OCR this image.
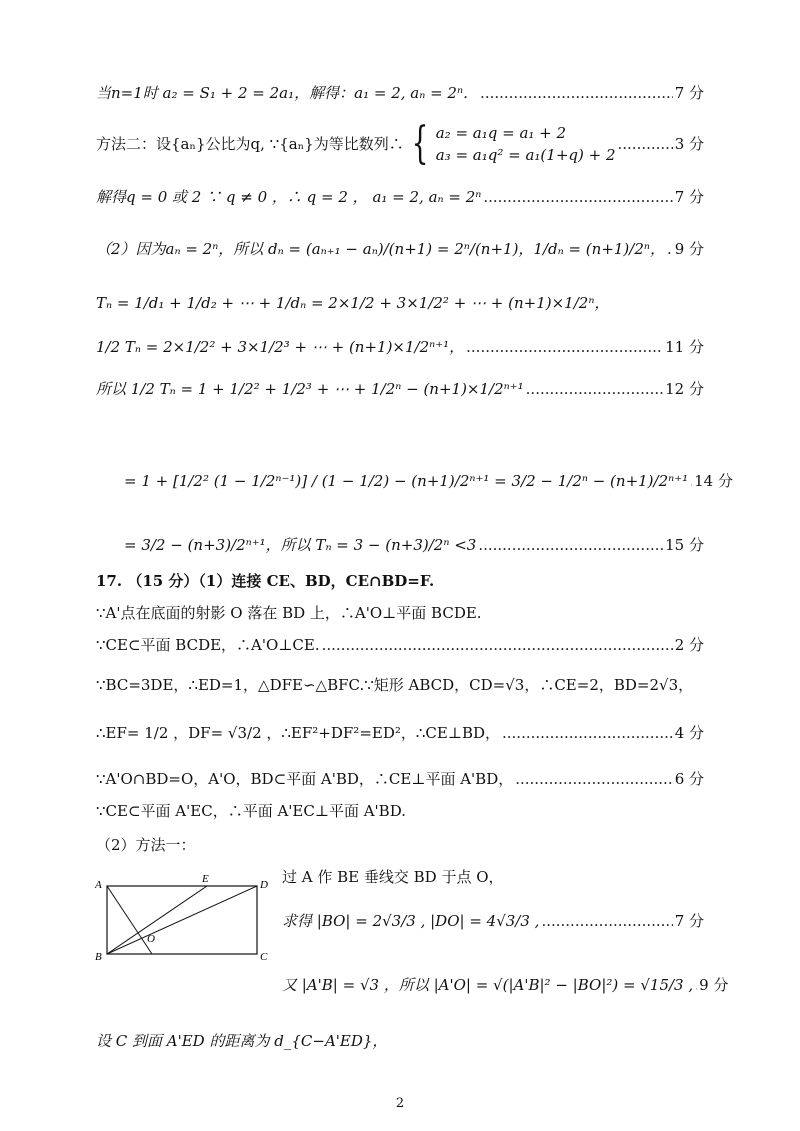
当n=1时 a₂ = S₁ + 2 = 2a₁，解得：a₁ = 2, aₙ = 2ⁿ． .....	7 分
方法二：设{aₙ}公比为q, ∵{aₙ}为等比数列∴ { a₂ = a₁q = a₁ + 2
a₃ = a₁q² = a₁(1+q) + 2
.....
3 分
解得q = 0 或 2 ∵ q ≠ 0 ，∴ q = 2 ， a₁ = 2, aₙ = 2ⁿ .....	7 分
（2）因为aₙ = 2ⁿ，所以 dₙ = (aₙ₊₁ − aₙ)/(n+1) = 2ⁿ/(n+1)，1/dₙ = (n+1)/2ⁿ， ..... 9 分
Tₙ = 1/d₁ + 1/d₂ + ⋯ + 1/dₙ = 2×1/2 + 3×1/2² + ⋯ + (n+1)×1/2ⁿ，
1/2 Tₙ = 2×1/2² + 3×1/2³ + ⋯ + (n+1)×1/2ⁿ⁺¹， .....	11 分
所以 1/2 Tₙ = 1 + 1/2² + 1/2³ + ⋯ + 1/2ⁿ − (n+1)×1/2ⁿ⁺¹ .....	12 分
= 1 + [1/2² (1 − 1/2ⁿ⁻¹)] / (1 − 1/2) − (n+1)/2ⁿ⁺¹ = 3/2 − 1/2ⁿ − (n+1)/2ⁿ⁺¹ ..... 14 分
= 3/2 − (n+3)/2ⁿ⁺¹，所以 Tₙ = 3 − (n+3)/2ⁿ <3 .....	15 分
17. （15 分）（1）连接 CE、BD，CE∩BD=F.
∵A'点在底面的射影 O 落在 BD 上，∴A'O⊥平面 BCDE.
∵CE⊂平面 BCDE，∴A'O⊥CE. .....	2 分
∵BC=3DE，∴ED=1，△DFE∽△BFC.∵矩形 ABCD，CD=√3，∴CE=2，BD=2√3，
∴EF= 1/2 ，DF= √3/2 ，∴EF²+DF²=ED²，∴CE⊥BD， .....	4 分
∵A'O∩BD=O，A'O，BD⊂平面 A'BD，∴CE⊥平面 A'BD， .....	6 分
∵CE⊂平面 A'EC，∴平面 A'EC⊥平面 A'BD.
（2）方法一：
A	E	D
O
B	C
过 A 作 BE 垂线交 BD 于点 O，
求得 |BO| = 2√3/3 , |DO| = 4√3/3 , .....	7 分
又 |A'B| = √3 ，所以 |A'O| = √(|A'B|² − |BO|²) = √15/3 , ..... 9 分
设 C 到面 A'ED 的距离为 d_{C−A'ED}，
2
